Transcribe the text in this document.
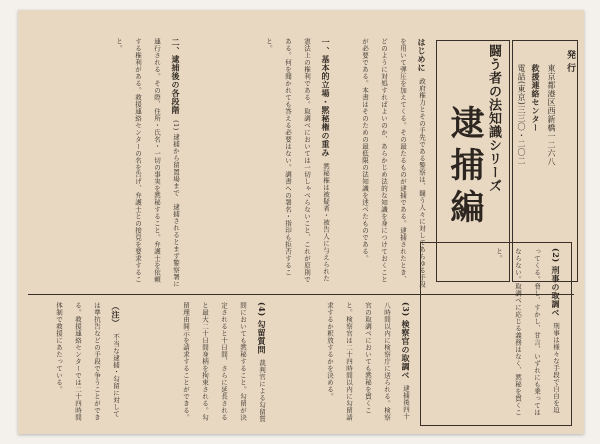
闘う者の法知識シリーズ
逮捕編
発 行
東京都港区西新橋一二六八
救援連絡センター
電話(東京)三三〇・二〇二
はじめに 政府権力とその手先である警察は、闘う人々に対してあらゆる手段を用いて弾圧を加えてくる。その最たるものが逮捕である。逮捕されたとき、どのように対処すればよいのか、あらかじめ法的な知識を身につけておくことが必要である。本書はそのための最低限の法知識を述べたものである。
一、基本的立場・黙秘権の重み 黙秘権は被疑者・被告人に与えられた憲法上の権利である。取調べにおいては一切しゃべらないこと、これが原則である。何を聞かれても答える必要はない。調書への署名・指印も拒否すること。
二、逮捕後の各段階 (1) 逮捕から留置場まで　逮捕されるとまず警察署に連行される。その際、住所・氏名・一切の事実を黙秘すること。弁護士を依頼する権利がある。救援連絡センターの名を告げ、弁護士との接見を要求すること。
(2) 刑事の取調べ 刑事は様々な手段で自白を迫ってくる。脅し、すかし、甘言、いずれにも乗ってはならない。取調べに応じる義務はなく、黙秘を貫くこと。
(3) 検察官の取調べ 逮捕後四十八時間以内に検察庁に送られる。検察官の取調べにおいても黙秘を貫くこと。検察官は二十四時間以内に勾留請求するか釈放するかを決める。
(4) 勾留質問 裁判官による勾留質問においても黙秘すること。勾留が決定されると十日間、さらに延長されると最大二十日間身柄を拘束される。勾留理由開示を請求することができる。
（注） 不当な逮捕・勾留に対しては準抗告などの手段で争うことができる。救援連絡センターでは二十四時間体制で救援にあたっている。
